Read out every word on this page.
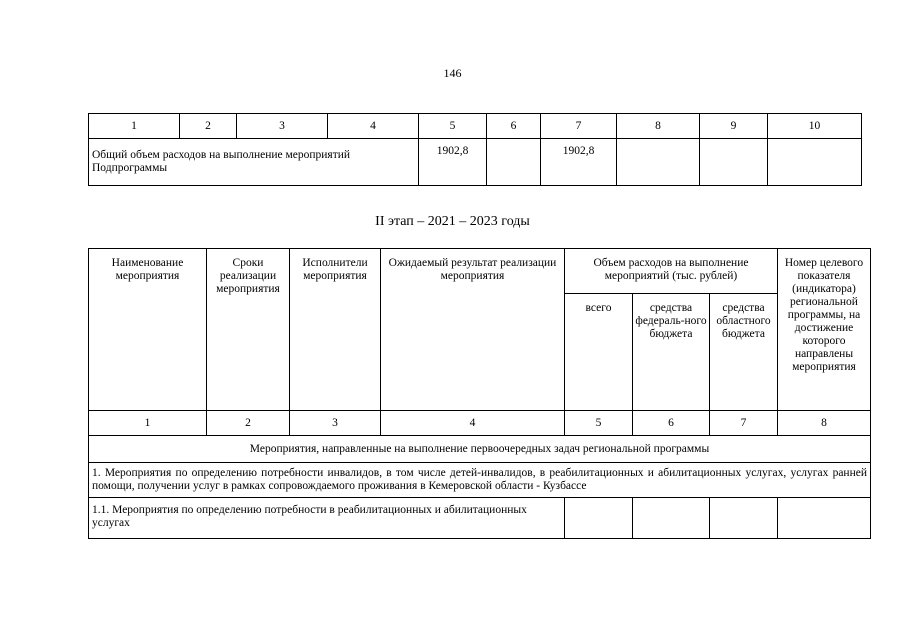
146
1	2	3	4	5	6	7	8	9	10
Общий объем расходов на выполнение мероприятий Подпрограммы				1902,8		1902,8			
II этап – 2021 – 2023 годы
Наименование мероприятия	Сроки реализации мероприятия	Исполнители мероприятия	Ожидаемый результат реализации мероприятия	Объем расходов на выполнение мероприятий (тыс. рублей)			Номер целевого показателя (индикатора) региональной программы, на достижение которого направлены мероприятия
				всего	средства федераль-ного бюджета	средства областного бюджета	
1	2	3	4	5	6	7	8
Мероприятия, направленные на выполнение первоочередных задач региональной программы							
1. Мероприятия по определению потребности инвалидов, в том числе детей-инвалидов, в реабилитационных и абилитационных услугах, услугах ранней помощи, получении услуг в рамках сопровождаемого проживания в Кемеровской области - Кузбассе							
1.1. Мероприятия по определению потребности в реабилитационных и абилитационных услугах							
